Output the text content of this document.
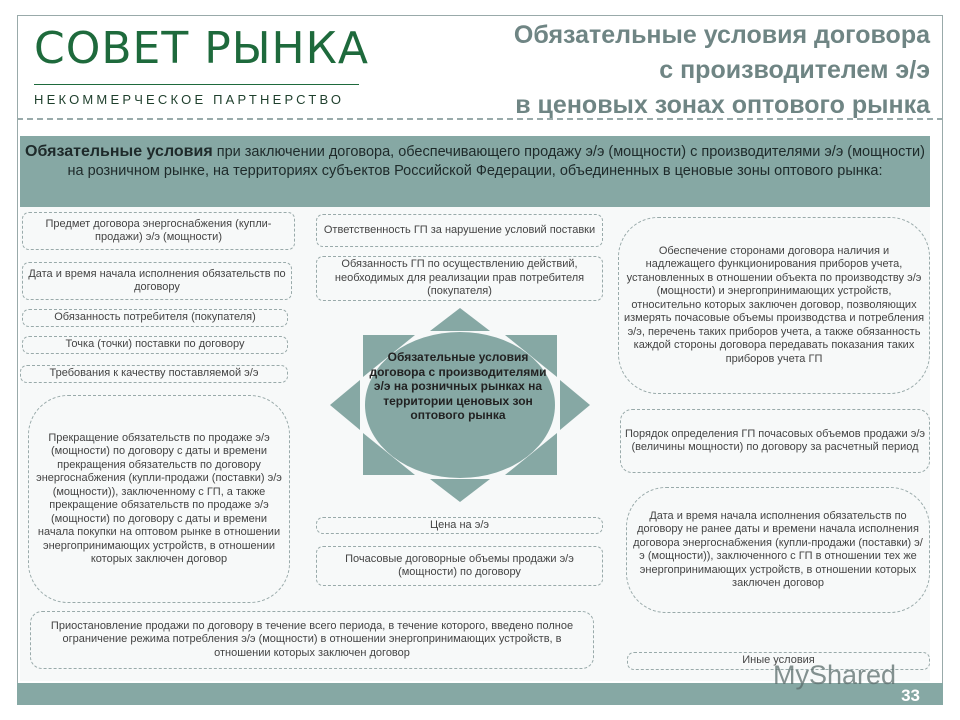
СОВЕТ РЫНКА
НЕКОММЕРЧЕСКОЕ ПАРТНЕРСТВО
Обязательные условия договора
с производителем э/э
в ценовых зонах оптового рынка
Обязательные условия при заключении договора, обеспечивающего продажу э/э (мощности) с производителями э/э (мощности) на розничном рынке, на территориях субъектов Российской Федерации, объединенных в ценовые зоны оптового рынка:
Предмет договора энергоснабжения (купли-продажи) э/э (мощности)
Дата и время начала исполнения обязательств по договору
Обязанность потребителя (покупателя)
Точка (точки) поставки по договору
Требования к качеству поставляемой э/э
Прекращение обязательств по продаже э/э (мощности) по договору с даты и времени прекращения обязательств по договору энергоснабжения (купли-продажи (поставки) э/э (мощности)), заключенному с ГП, а также прекращение обязательств по продаже э/э (мощности) по договору с даты и времени начала покупки на оптовом рынке в отношении энергопринимающих устройств, в отношении которых заключен договор
Ответственность ГП за нарушение условий поставки
Обязанность ГП по осуществлению действий, необходимых для реализации прав потребителя (покупателя)
Цена на э/э
Почасовые договорные объемы продажи э/э (мощности) по договору
Обязательные условия договора с производителями э/э на розничных рынках на территории ценовых зон оптового рынка
Обеспечение сторонами договора наличия и надлежащего функционирования приборов учета, установленных в отношении объекта по производству э/э (мощности) и энергопринимающих устройств, относительно которых заключен договор, позволяющих измерять почасовые объемы производства и потребления э/э, перечень таких приборов учета, а также обязанность каждой стороны договора передавать показания таких приборов учета ГП
Порядок определения ГП почасовых объемов продажи э/э (величины мощности) по договору за расчетный период
Дата и время начала исполнения обязательств по договору не ранее даты и времени начала исполнения договора энергоснабжения (купли-продажи (поставки) э/э (мощности)), заключенного с ГП в отношении тех же энергопринимающих устройств, в отношении которых заключен договор
Иные условия
Приостановление продажи по договору в течение всего периода, в течение которого, введено полное ограничение режима потребления э/э (мощности) в отношении энергопринимающих устройств, в отношении которых заключен договор
MyShared
33
